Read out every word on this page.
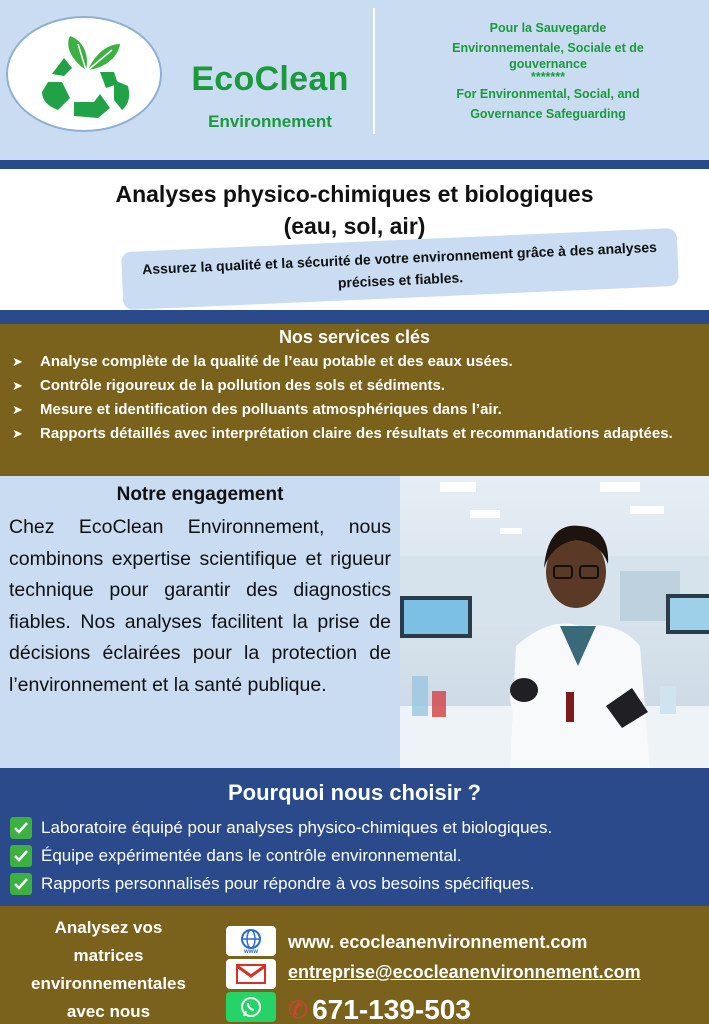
EcoClean
Environnement
Pour la Sauvegarde
Environnementale, Sociale et de
gouvernance
*******
For Environmental, Social, and
Governance Safeguarding
Analyses physico-chimiques et biologiques
(eau, sol, air)
Assurez la qualité et la sécurité de votre environnement grâce à des analyses précises et fiables.
Nos services clés
➤	Analyse complète de la qualité de l’eau potable et des eaux usées.
➤	Contrôle rigoureux de la pollution des sols et sédiments.
➤	Mesure et identification des polluants atmosphériques dans l’air.
➤	Rapports détaillés avec interprétation claire des résultats et recommandations adaptées.
Notre engagement
Chez EcoClean Environnement, nous combinons expertise scientifique et rigueur technique pour garantir des diagnostics fiables. Nos analyses facilitent la prise de décisions éclairées pour la protection de l’environnement et la santé publique.
Pourquoi nous choisir ?
Laboratoire équipé pour analyses physico-chimiques et biologiques.
Équipe expérimentée dans le contrôle environnemental.
Rapports personnalisés pour répondre à vos besoins spécifiques.
Analysez vos
matrices
environnementales
avec nous
www www. ecocleanenvironnement.com
entreprise@ecocleanenvironnement.com
✆ 671-139-503
